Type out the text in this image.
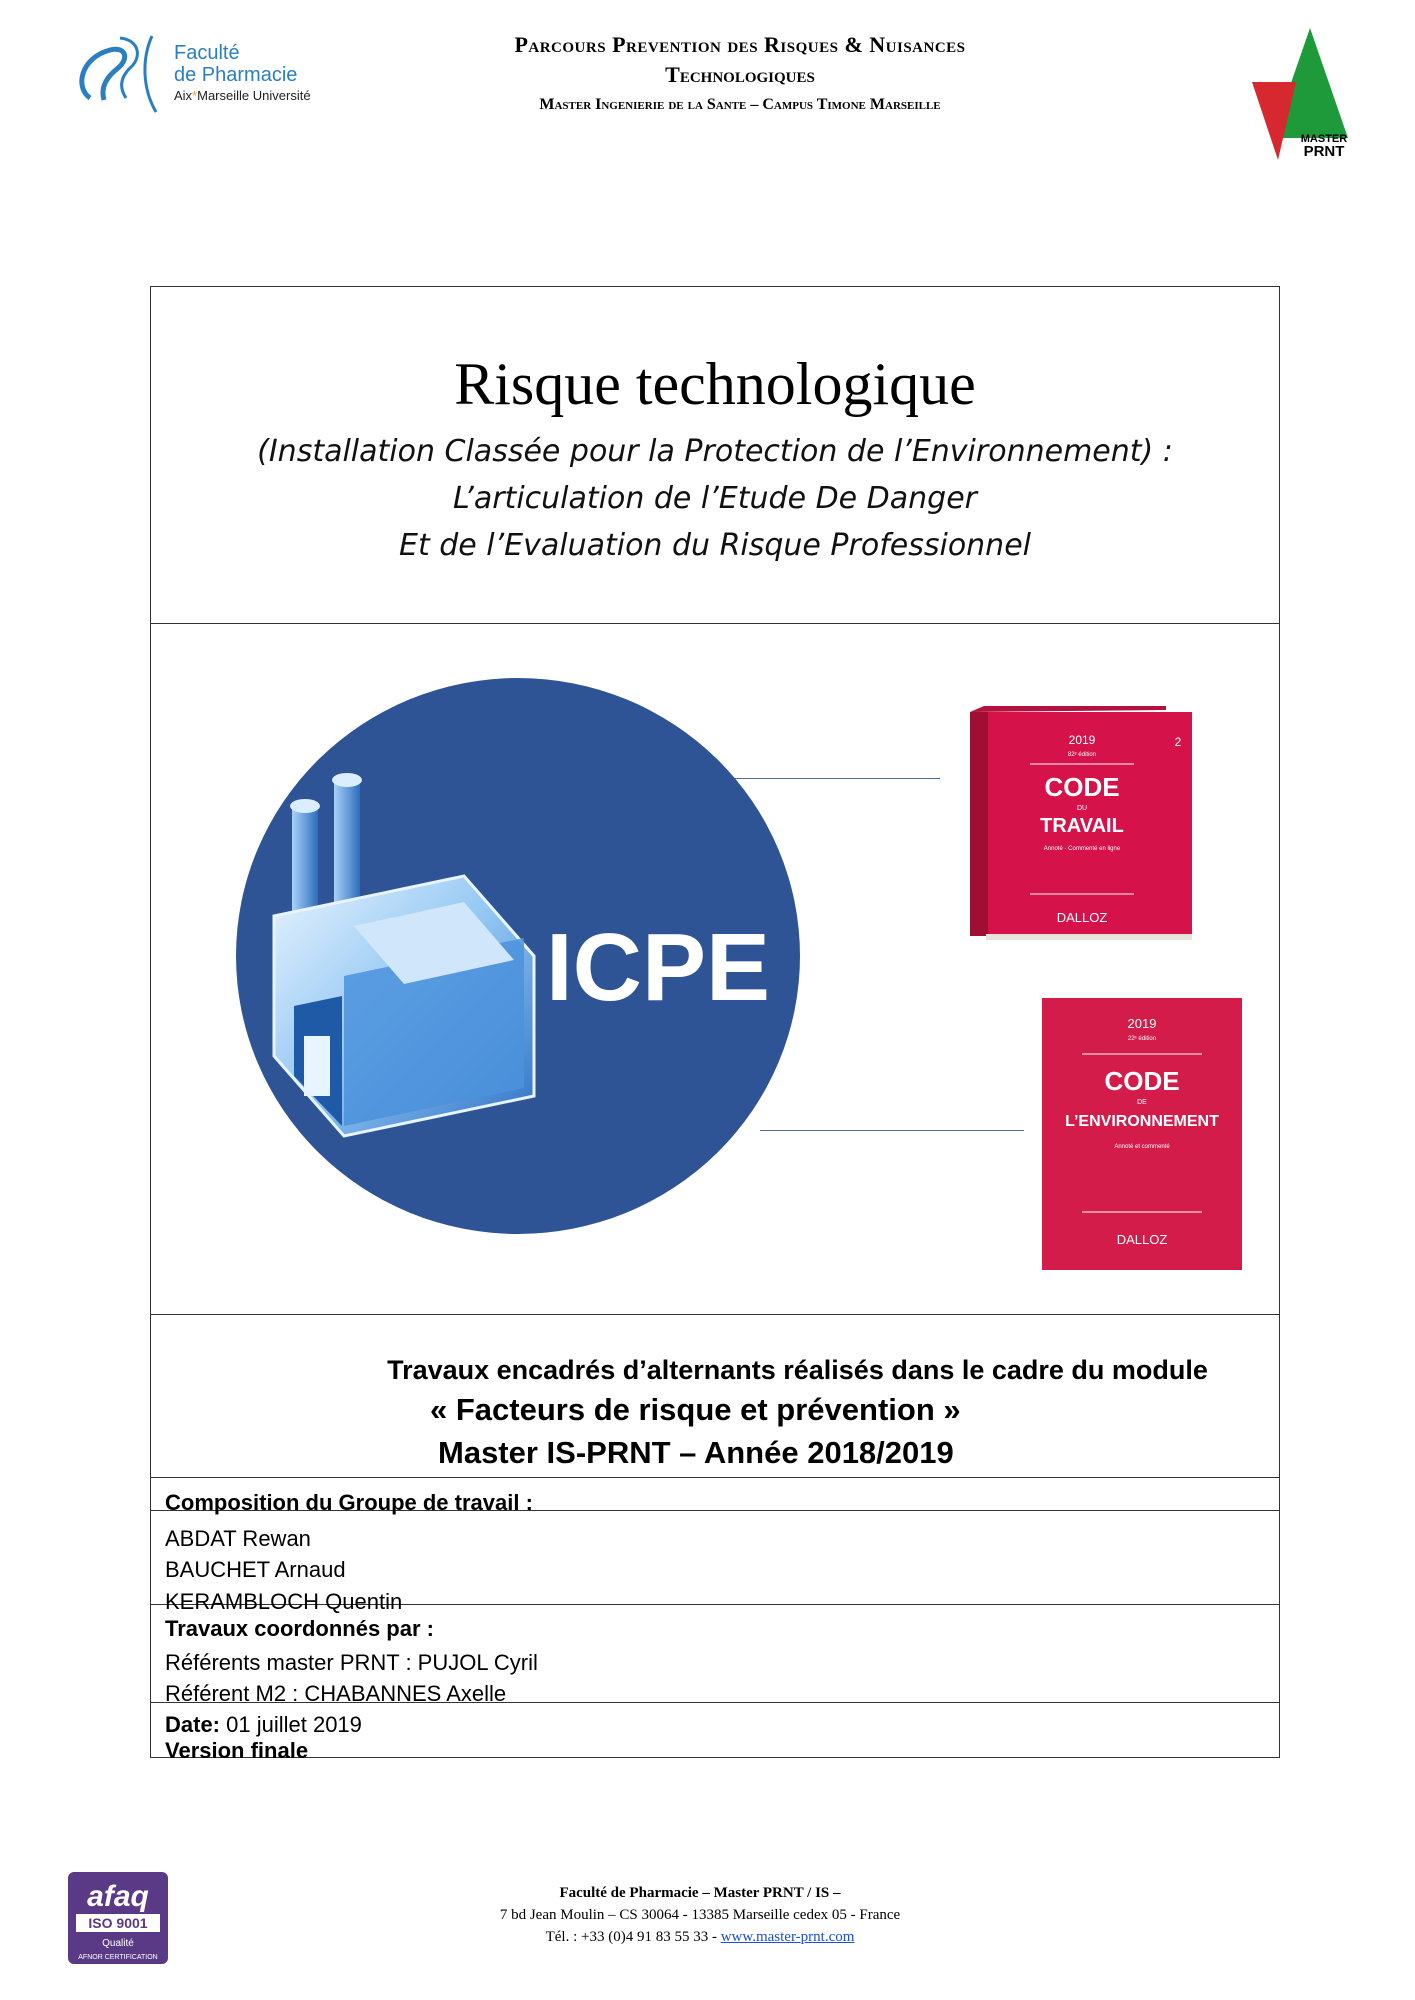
Faculté
de Pharmacie
Aix*Marseille Université
Parcours Prevention des Risques & Nuisances
Technologiques
Master Ingenierie de la Sante – Campus Timone Marseille
MASTER
PRNT
Risque technologique
(Installation Classée pour la Protection de l’Environnement) :
L’articulation de l’Etude De Danger
Et de l’Evaluation du Risque Professionnel
ICPE
2019
82ᵉ édition
2
CODE
DU
TRAVAIL
Annoté · Commenté en ligne
DALLOZ
2019
22ᵉ édition
CODE
DE
L’ENVIRONNEMENT
Annoté et commenté
DALLOZ
Travaux encadrés d’alternants réalisés dans le cadre du module
« Facteurs de risque et prévention »
Master IS-PRNT – Année 2018/2019
Composition du Groupe de travail :
ABDAT Rewan
BAUCHET Arnaud
KERAMBLOCH Quentin
Travaux coordonnés par :
Référents master PRNT : PUJOL Cyril
Référent M2 : CHABANNES Axelle
Date: 01 juillet 2019
Version finale
afaq
ISO 9001
Qualité
AFNOR CERTIFICATION
Faculté de Pharmacie – Master PRNT / IS –
7 bd Jean Moulin – CS 30064 - 13385 Marseille cedex 05 - France
Tél. : +33 (0)4 91 83 55 33 - www.master-prnt.com
